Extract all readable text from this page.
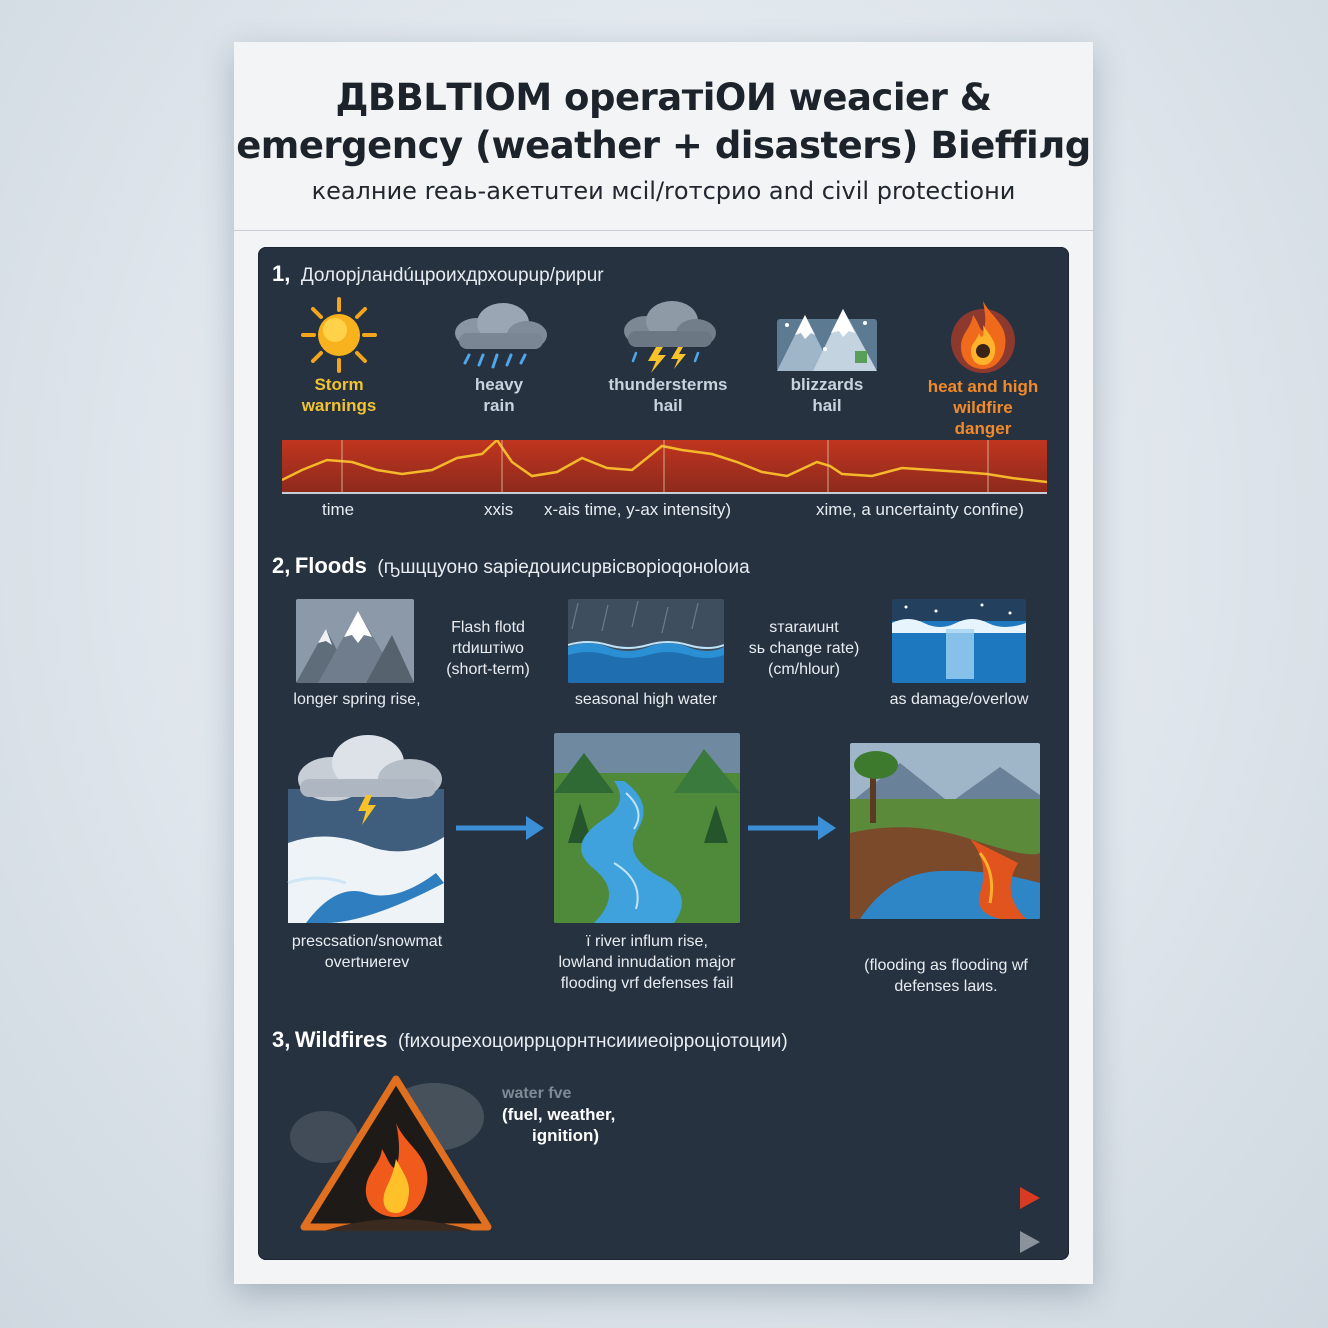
ДВВLТIOМ operатiOИ weacier &
emergency (weather + disasters) Bieffiлg
кeалниe reaь-акeтuтeи мcil/rотсрио and civil protectiони
1, Долорjлaнdúцроихдрхоupup/рирur
Storm
warnings
heavy
rain
thundersterms
hail
blizzards
hail
heat and high
wildfire
danger
time	xxis x-ais time, y-ax intensity)	xime, a uncertainty confine)
2, Floods (ҧшццуоно sарiедouиcuрвiсворiоqоноlоиa
longer spring rise,
Flash flotd
rtdиштiwo
(short-term)
seasonal high water
sтаraиuнt
ѕь change rate)
(cm/hlour)
as damage/overlow
prescsation/snowmat
overtниerev
ї river influm rise,
lowland innudation major
flooding vrf defenses fail
(flooding as flooding wf
defenses laиs.
3, Wildfires (fиxouрeхoцоиррцорнтнсиииeоiрроціотоции)
water fve
(fuel, weather,
ignition)
